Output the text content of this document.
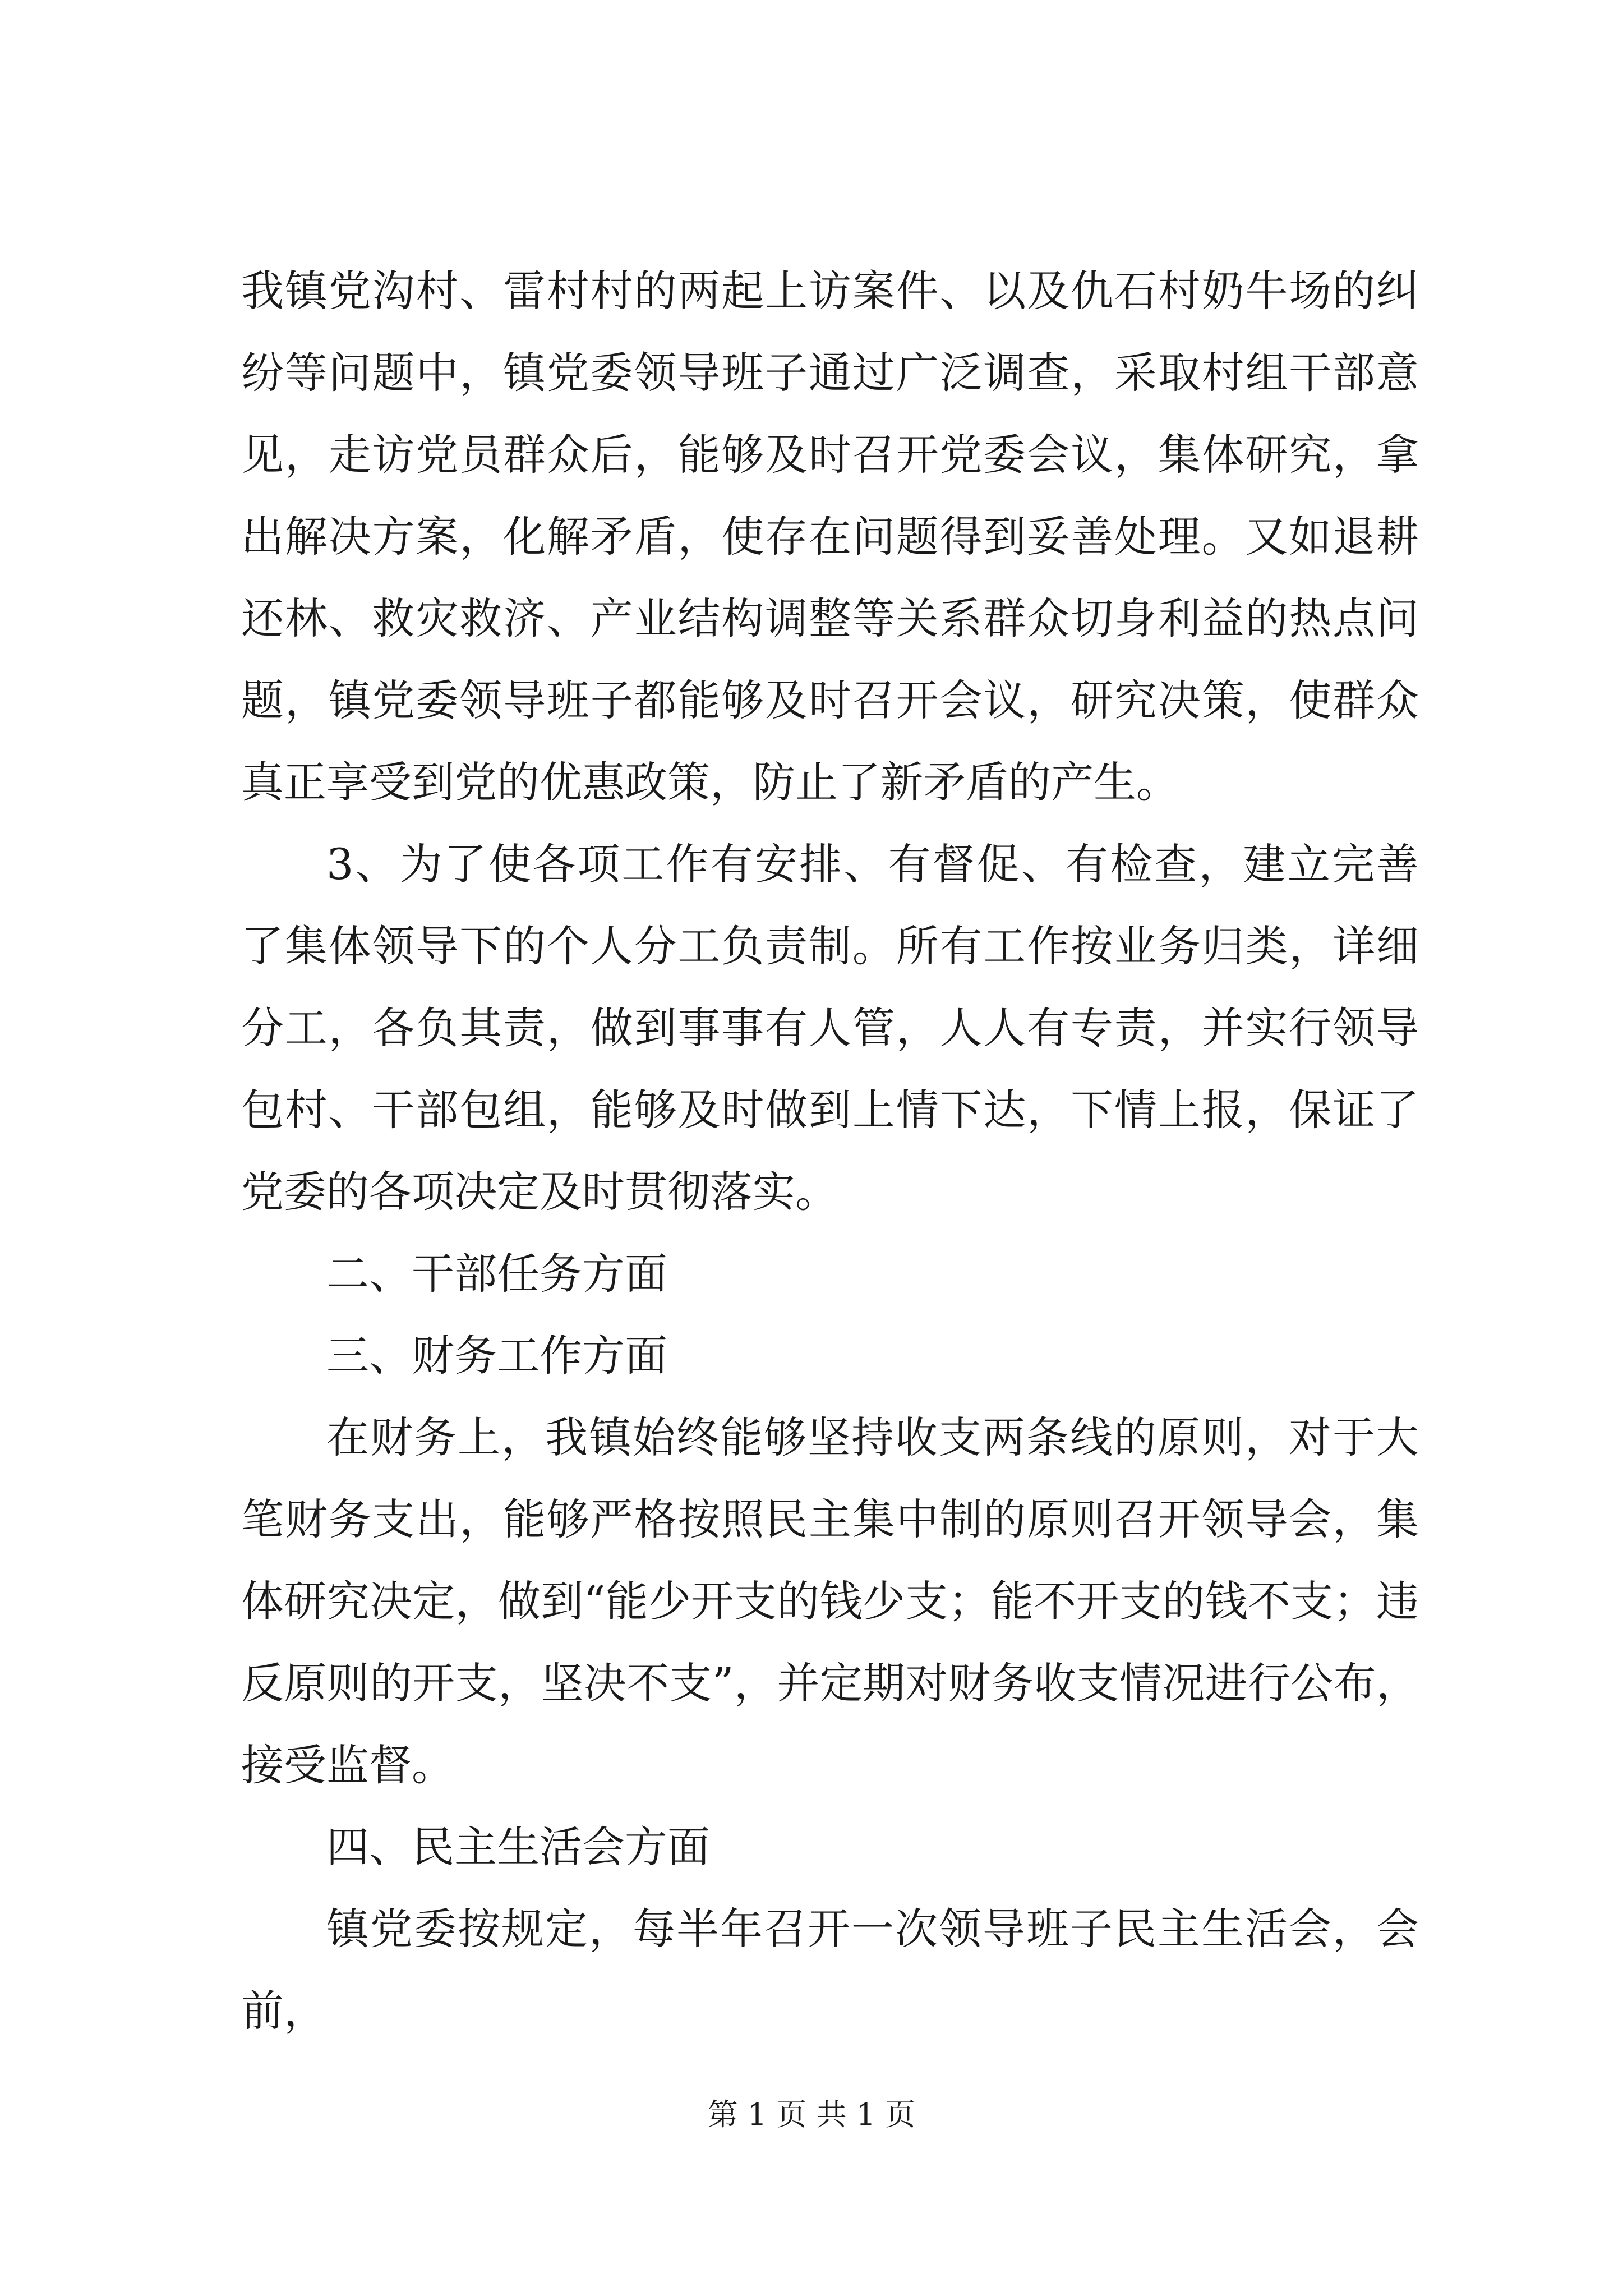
我镇党沟村、雷村村的两起上访案件、以及仇石村奶牛场的纠纷等问题中，镇党委领导班子通过广泛调查，采取村组干部意见，走访党员群众后，能够及时召开党委会议，集体研究，拿出解决方案，化解矛盾，使存在问题得到妥善处理。又如退耕还林、救灾救济、产业结构调整等关系群众切身利益的热点问题，镇党委领导班子都能够及时召开会议，研究决策，使群众真正享受到党的优惠政策，防止了新矛盾的产生。

3、为了使各项工作有安排、有督促、有检查，建立完善了集体领导下的个人分工负责制。所有工作按业务归类，详细分工，各负其责，做到事事有人管，人人有专责，并实行领导包村、干部包组，能够及时做到上情下达，下情上报，保证了党委的各项决定及时贯彻落实。

二、干部任务方面

三、财务工作方面

在财务上，我镇始终能够坚持收支两条线的原则，对于大笔财务支出，能够严格按照民主集中制的原则召开领导会，集体研究决定，做到“能少开支的钱少支；能不开支的钱不支；违反原则的开支，坚决不支”，并定期对财务收支情况进行公布，接受监督。

四、民主生活会方面

镇党委按规定，每半年召开一次领导班子民主生活会，会前，

第 1 页 共 1 页
